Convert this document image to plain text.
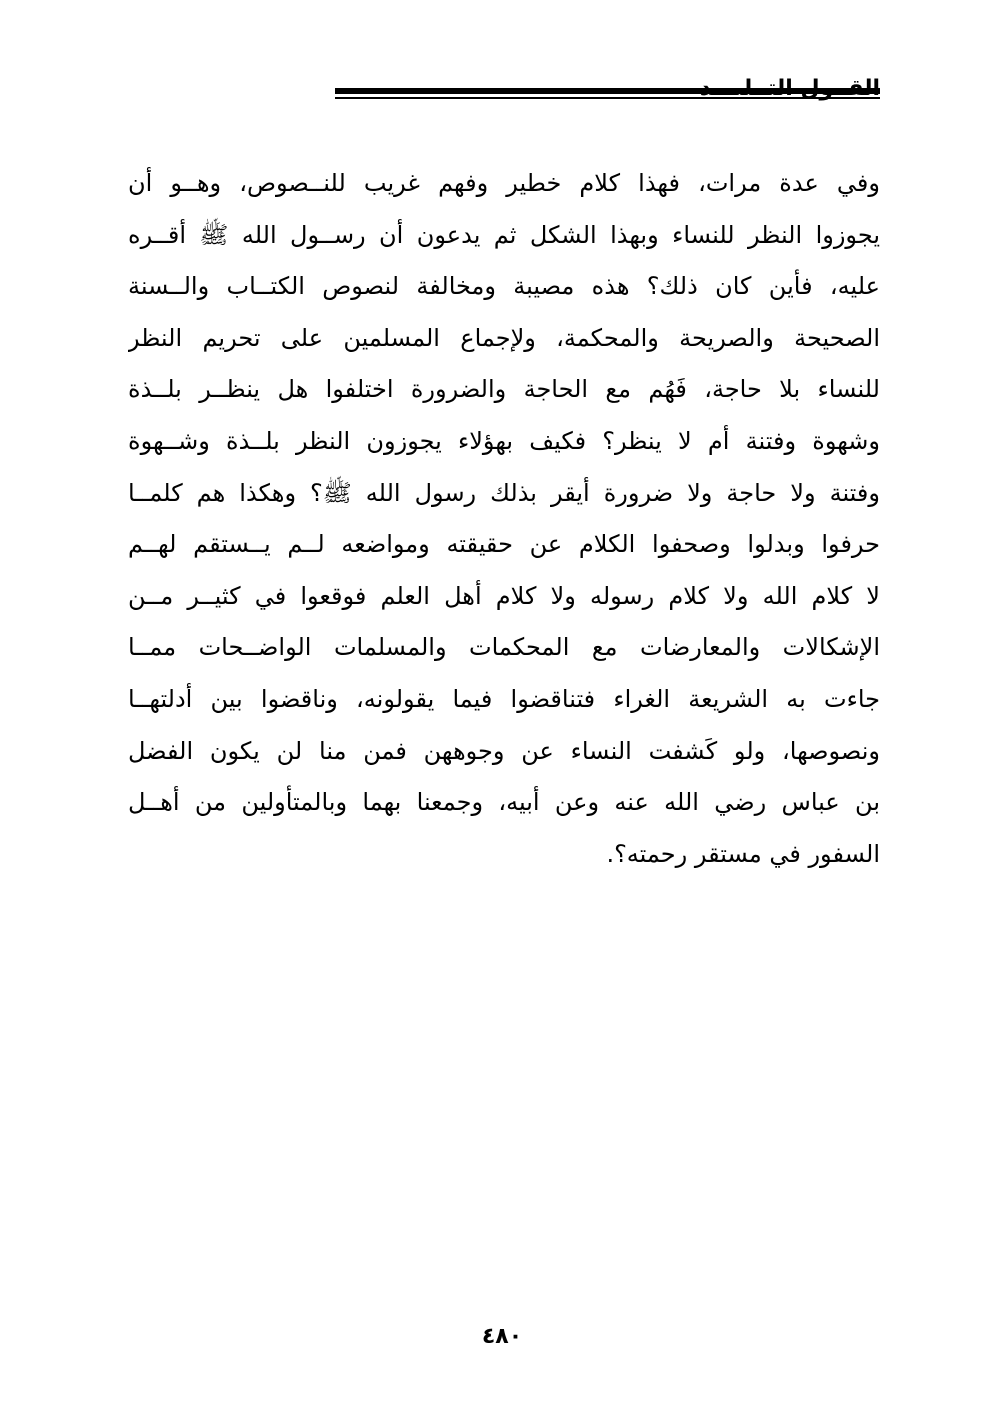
وفي عدة مرات، فهذا كلام خطير وفهم غريب للنــصوص، وهــو أن
يجوزوا النظر للنساء وبهذا الشكل ثم يدعون أن رســول الله ﷺ أقــره
عليه، فأين كان ذلك؟ هذه مصيبة ومخالفة لنصوص الكتــاب والــسنة
الصحيحة والصريحة والمحكمة، ولإجماع المسلمين على تحريم النظر
للنساء بلا حاجة، فَهُم مع الحاجة والضرورة اختلفوا هل ينظــر بلــذة
وشهوة وفتنة أم لا ينظر؟ فكيف بهؤلاء يجوزون النظر بلــذة وشــهوة
وفتنة ولا حاجة ولا ضرورة أيقر بذلك رسول الله ﷺ؟ وهكذا هم كلمــا
حرفوا وبدلوا وصحفوا الكلام عن حقيقته ومواضعه لــم يــستقم لهــم
لا كلام الله ولا كلام رسوله ولا كلام أهل العلم فوقعوا في كثيــر مــن
الإشكالات والمعارضات مع المحكمات والمسلمات الواضــحات ممــا
جاءت به الشريعة الغراء فتناقضوا فيما يقولونه، وناقضوا بين أدلتهــا
ونصوصها، ولو كَشفت النساء عن وجوههن فمن منا لن يكون الفضل
بن عباس رضي الله عنه وعن أبيه، وجمعنا بهما وبالمتأولين من أهــل
السفور في مستقر رحمته؟.
٤٨٠
